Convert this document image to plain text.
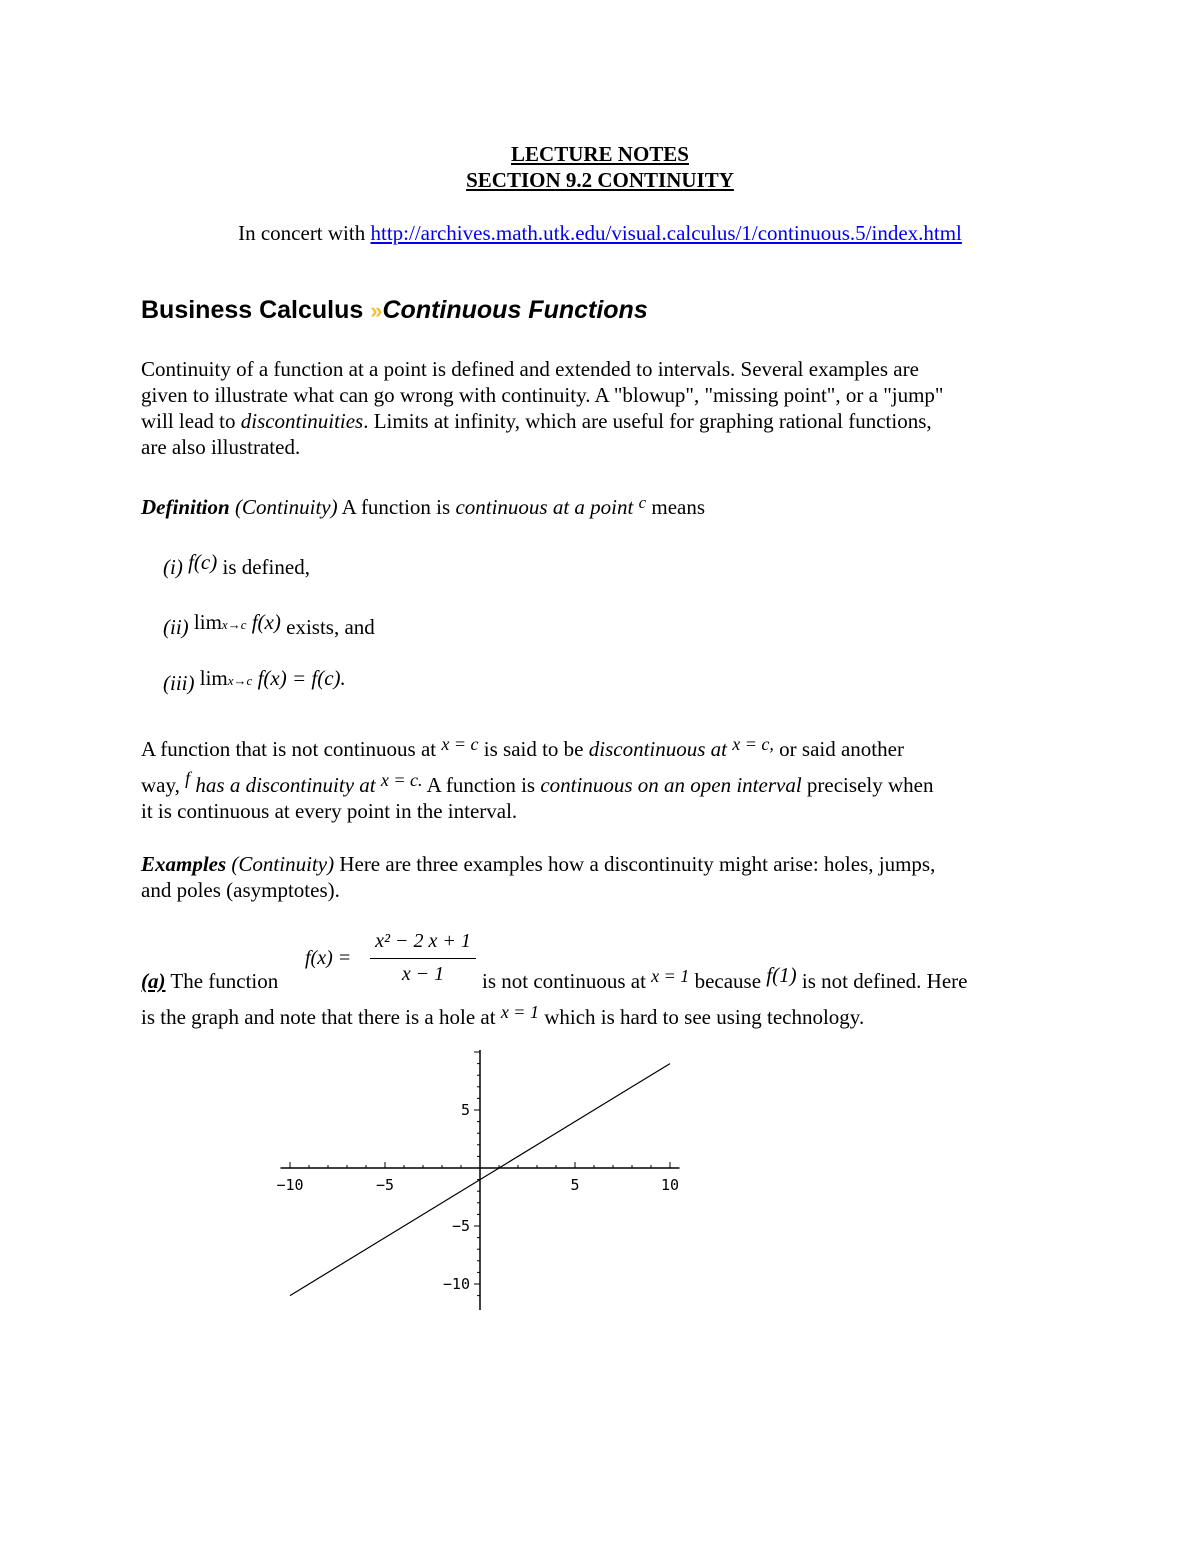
LECTURE NOTES
SECTION 9.2 CONTINUITY
In concert with http://archives.math.utk.edu/visual.calculus/1/continuous.5/index.html
Business Calculus »Continuous Functions
Continuity of a function at a point is defined and extended to intervals. Several examples are
given to illustrate what can go wrong with continuity. A "blowup", "missing point", or a "jump"
will lead to discontinuities. Limits at infinity, which are useful for graphing rational functions,
are also illustrated.
Definition (Continuity) A function is continuous at a point $^c$ means
(i) f(c) is defined,
(ii) limx→c f(x) exists, and
(iii) limx→c f(x) = f(c).
A function that is not continuous at x = c is said to be discontinuous at x = c, or said another
way, f has a discontinuity at x = c. A function is continuous on an open interval precisely when
it is continuous at every point in the interval.
Examples (Continuity) Here are three examples how a discontinuity might arise: holes, jumps,
and poles (asymptotes).
f(x) =
x² − 2 x + 1
x − 1
(a) The function	is not continuous at x = 1 because f(1) is not defined. Here
is the graph and note that there is a hole at x = 1 which is hard to see using technology.
−10	−5	5	10
5
−5
−10
